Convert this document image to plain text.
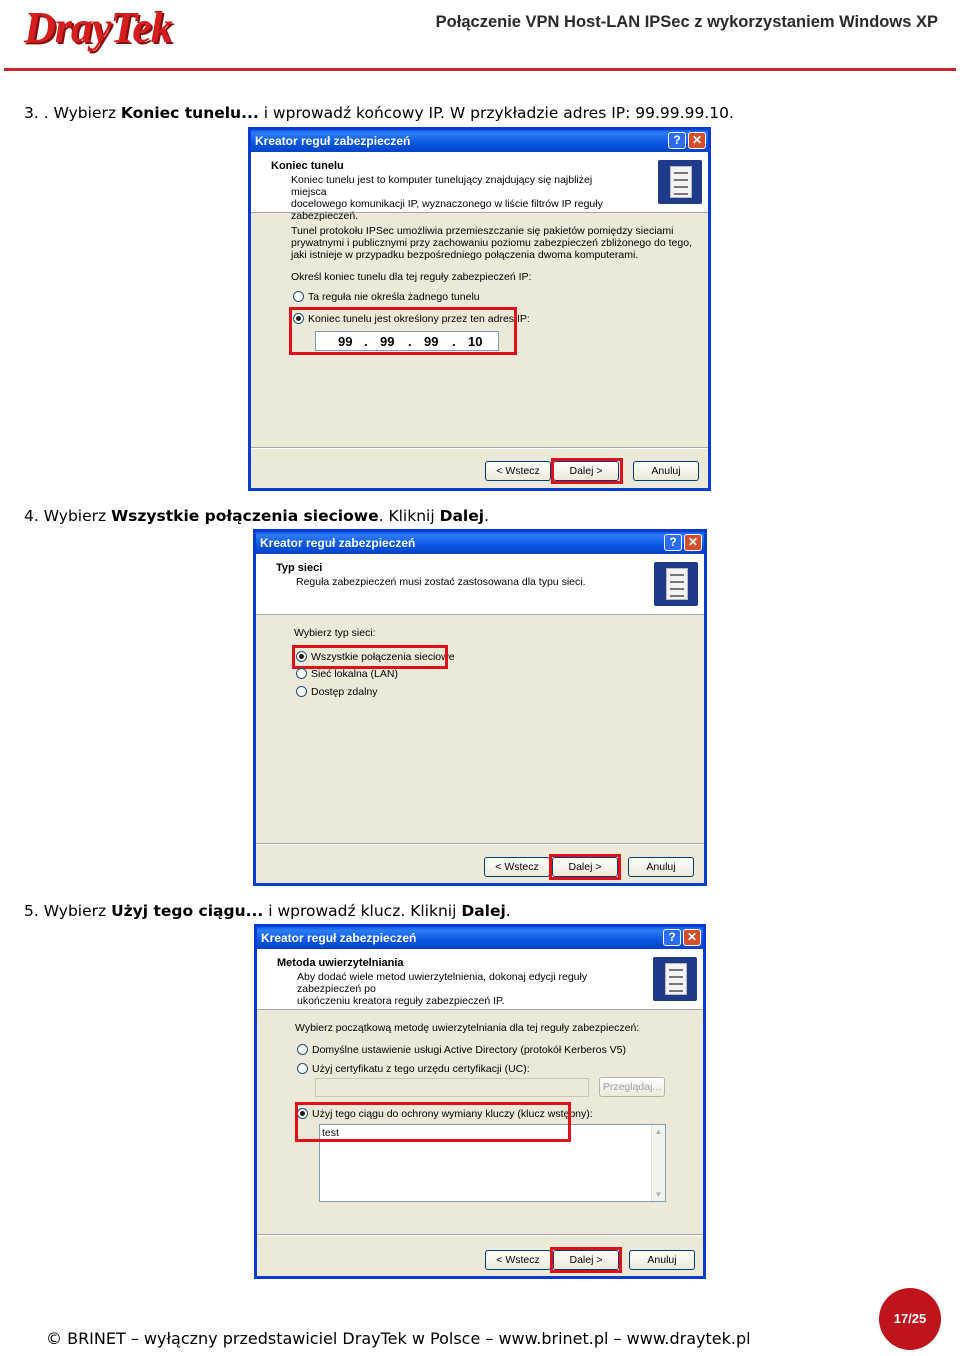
DrayTek	Połączenie VPN Host-LAN IPSec z wykorzystaniem Windows XP
3. . Wybierz Koniec tunelu... i wprowadź końcowy IP. W przykładzie adres IP: 99.99.99.10.
Kreator reguł zabezpieczeń	? ✕
Koniec tunelu
Koniec tunelu jest to komputer tunelujący znajdujący się najbliżej miejsca
docelowego komunikacji IP, wyznaczonego w liście filtrów IP reguły
zabezpieczeń.
Tunel protokołu IPSec umożliwia przemieszczanie się pakietów pomiędzy sieciami
prywatnymi i publicznymi przy zachowaniu poziomu zabezpieczeń zbliżonego do tego,
jaki istnieje w przypadku bezpośredniego połączenia dwoma komputerami.
Określ koniec tunelu dla tej reguły zabezpieczeń IP:
Ta reguła nie określa żadnego tunelu
Koniec tunelu jest określony przez ten adres IP:
99 . 99 . 99 . 10
< Wstecz	Dalej >	Anuluj
4. Wybierz Wszystkie połączenia sieciowe. Kliknij Dalej.
Kreator reguł zabezpieczeń	? ✕
Typ sieci
Reguła zabezpieczeń musi zostać zastosowana dla typu sieci.
Wybierz typ sieci:
Wszystkie połączenia sieciowe
Sieć lokalna (LAN)
Dostęp zdalny
< Wstecz	Dalej >	Anuluj
5. Wybierz Użyj tego ciągu... i wprowadź klucz. Kliknij Dalej.
Kreator reguł zabezpieczeń	? ✕
Metoda uwierzytelniania
Aby dodać wiele metod uwierzytelnienia, dokonaj edycji reguły zabezpieczeń po
ukończeniu kreatora reguły zabezpieczeń IP.
Wybierz początkową metodę uwierzytelniania dla tej reguły zabezpieczeń:
Domyślne ustawienie usługi Active Directory (protokół Kerberos V5)
Użyj certyfikatu z tego urzędu certyfikacji (UC):
Przeglądaj...
Użyj tego ciągu do ochrony wymiany kluczy (klucz wstępny):
test	▲
▼
< Wstecz	Dalej >	Anuluj
© BRINET – wyłączny przedstawiciel DrayTek w Polsce – www.brinet.pl – www.draytek.pl
17/25
